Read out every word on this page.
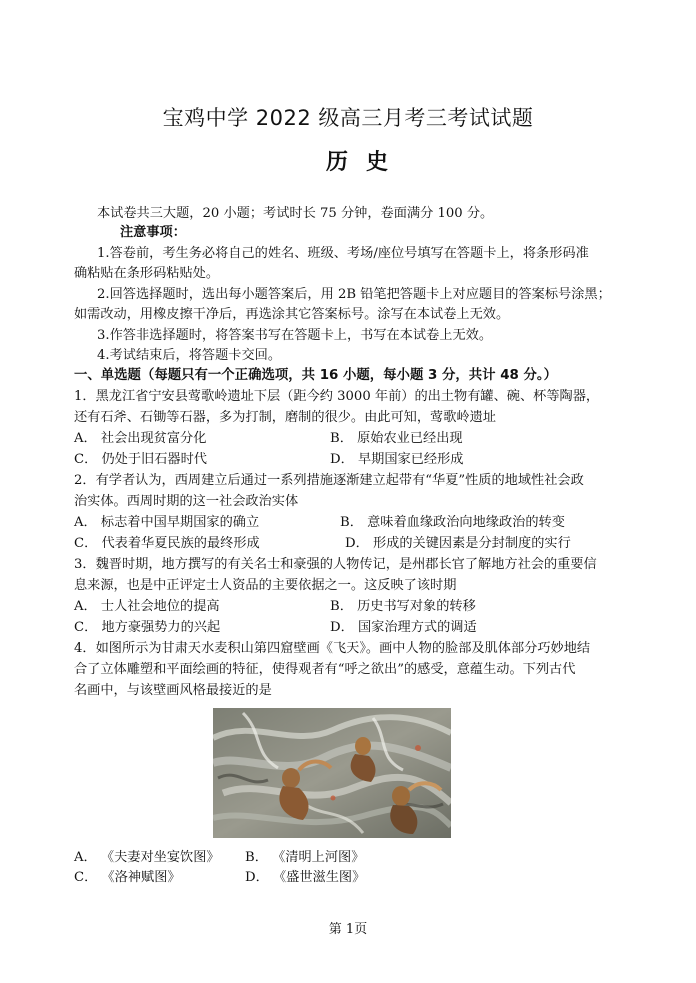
宝鸡中学 2022 级高三月考三考试试题
历史
本试卷共三大题，20 小题；考试时长 75 分钟，卷面满分 100 分。
注意事项：
1.答卷前，考生务必将自己的姓名、班级、考场/座位号填写在答题卡上，将条形码准
确粘贴在条形码粘贴处。
2.回答选择题时，选出每小题答案后，用 2B 铅笔把答题卡上对应题目的答案标号涂黑；
如需改动，用橡皮擦干净后，再选涂其它答案标号。涂写在本试卷上无效。
3.作答非选择题时，将答案书写在答题卡上，书写在本试卷上无效。
4.考试结束后，将答题卡交回。
一、单选题（每题只有一个正确选项，共 16 小题，每小题 3 分，共计 48 分。）
1．黑龙江省宁安县莺歌岭遗址下层（距今约 3000 年前）的出土物有罐、碗、杯等陶器，
还有石斧、石锄等石器，多为打制，磨制的很少。由此可知，莺歌岭遗址
A． 社会出现贫富分化	B． 原始农业已经出现
C． 仍处于旧石器时代	D． 早期国家已经形成
2．有学者认为，西周建立后通过一系列措施逐渐建立起带有“华夏”性质的地域性社会政
治实体。西周时期的这一社会政治实体
A． 标志着中国早期国家的确立	B． 意味着血缘政治向地缘政治的转变
C． 代表着华夏民族的最终形成	D． 形成的关键因素是分封制度的实行
3．魏晋时期，地方撰写的有关名士和豪强的人物传记，是州郡长官了解地方社会的重要信
息来源，也是中正评定士人资品的主要依据之一。这反映了该时期
A． 士人社会地位的提高	B． 历史书写对象的转移
C． 地方豪强势力的兴起	D． 国家治理方式的调适
4．如图所示为甘肃天水麦积山第四窟壁画《飞天》。画中人物的脸部及肌体部分巧妙地结
合了立体雕塑和平面绘画的特征，使得观者有“呼之欲出”的感受，意蕴生动。下列古代
名画中，与该壁画风格最接近的是
A． 《夫妻对坐宴饮图》 B． 《清明上河图》
C． 《洛神赋图》	D． 《盛世滋生图》
第 1页
